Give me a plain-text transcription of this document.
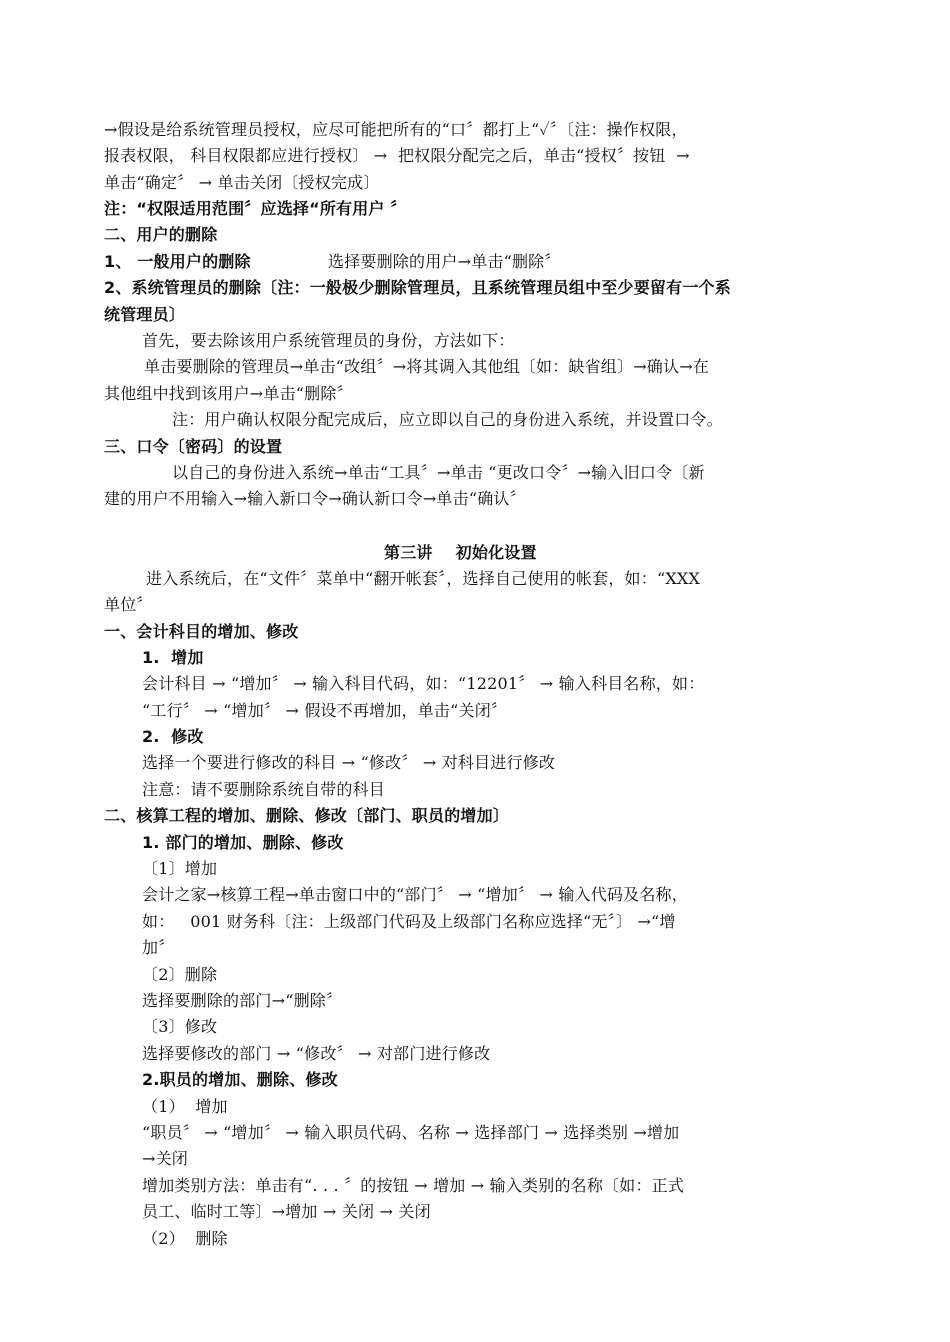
→假设是给系统管理员授权，应尽可能把所有的“口〞都打上“✓〞〔注：操作权限，
报表权限， 科目权限都应进行授权〕 →  把权限分配完之后，单击“授权〞按钮  →
单击“确定〞 → 单击关闭〔授权完成〕
注：“权限适用范围〞应选择“所有用户 〞
二、用户的删除
1、 一般用户的删除	选择要删除的用户→单击“删除〞
2、系统管理员的删除〔注：一般极少删除管理员，且系统管理员组中至少要留有一个系
统管理员〕
首先，要去除该用户系统管理员的身份，方法如下：
单击要删除的管理员→单击“改组〞→将其调入其他组〔如：缺省组〕→确认→在
其他组中找到该用户→单击“删除〞
注：用户确认权限分配完成后，应立即以自己的身份进入系统，并设置口令。
三、口令〔密码〕的设置
以自己的身份进入系统→单击“工具〞→单击 “更改口令〞→输入旧口令〔新
建的用户不用输入→输入新口令→确认新口令→单击“确认〞
第三讲    初始化设置
进入系统后，在“文件〞菜单中“翻开帐套〞，选择自己使用的帐套，如：“XXX
单位〞
一、会计科目的增加、修改
1.  增加
会计科目 → “增加〞 → 输入科目代码，如：“12201〞 → 输入科目名称，如：
“工行〞 → “增加〞 → 假设不再增加，单击“关闭〞
2.  修改
选择一个要进行修改的科目 → “修改〞 → 对科目进行修改
注意：请不要删除系统自带的科目
二、核算工程的增加、删除、修改〔部门、职员的增加〕
1. 部门的增加、删除、修改
〔1〕增加
会计之家→核算工程→单击窗口中的“部门〞 → “增加〞 → 输入代码及名称，
如：   001 财务科〔注：上级部门代码及上级部门名称应选择“无〞〕 →“增
加〞
〔2〕删除
选择要删除的部门→“删除〞
〔3〕修改
选择要修改的部门 → “修改〞 → 对部门进行修改
2.职员的增加、删除、修改
（1）  增加
“职员〞 → “增加〞 → 输入职员代码、名称 → 选择部门 → 选择类别 →增加
→关闭
增加类别方法：单击有“. . . 〞的按钮 → 增加 → 输入类别的名称〔如：正式
员工、临时工等〕→增加 → 关闭 → 关闭
（2）  删除
